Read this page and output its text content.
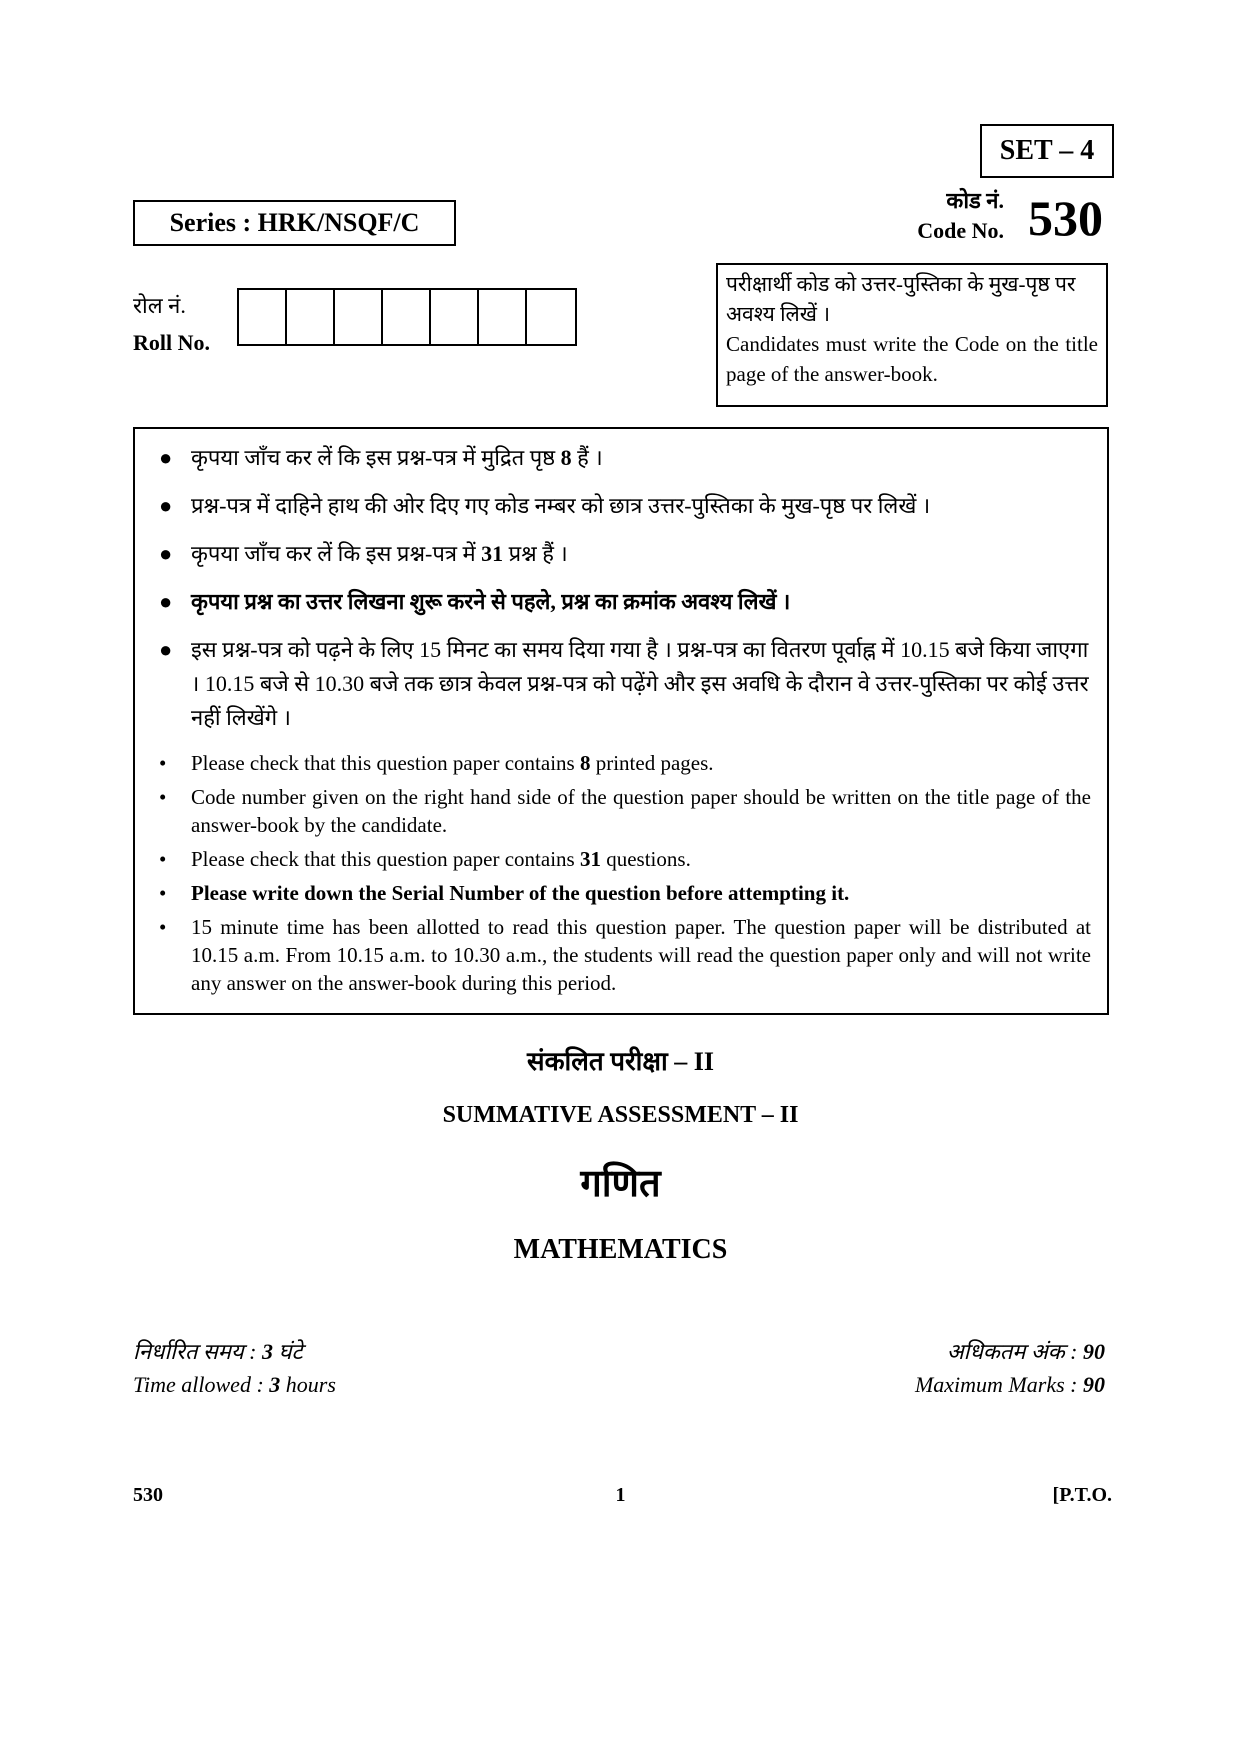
SET – 4
कोड नं.
Code No. 530
Series : HRK/NSQF/C
रोल नं.
Roll No.
परीक्षार्थी कोड को उत्तर-पुस्तिका के मुख-पृष्ठ पर अवश्य लिखें ।
Candidates must write the Code on the title page of the answer-book.
● कृपया जाँच कर लें कि इस प्रश्न-पत्र में मुद्रित पृष्ठ 8 हैं ।
● प्रश्न-पत्र में दाहिने हाथ की ओर दिए गए कोड नम्बर को छात्र उत्तर-पुस्तिका के मुख-पृष्ठ पर लिखें ।
● कृपया जाँच कर लें कि इस प्रश्न-पत्र में 31 प्रश्न हैं ।
● कृपया प्रश्न का उत्तर लिखना शुरू करने से पहले, प्रश्न का क्रमांक अवश्य लिखें ।
● इस प्रश्न-पत्र को पढ़ने के लिए 15 मिनट का समय दिया गया है । प्रश्न-पत्र का वितरण पूर्वाह्न में 10.15 बजे किया जाएगा । 10.15 बजे से 10.30 बजे तक छात्र केवल प्रश्न-पत्र को पढ़ेंगे और इस अवधि के दौरान वे उत्तर-पुस्तिका पर कोई उत्तर नहीं लिखेंगे ।
• Please check that this question paper contains 8 printed pages.
• Code number given on the right hand side of the question paper should be written on the title page of the answer-book by the candidate.
• Please check that this question paper contains 31 questions.
• Please write down the Serial Number of the question before attempting it.
• 15 minute time has been allotted to read this question paper. The question paper will be distributed at 10.15 a.m. From 10.15 a.m. to 10.30 a.m., the students will read the question paper only and will not write any answer on the answer-book during this period.
संकलित परीक्षा – II
SUMMATIVE ASSESSMENT – II
गणित
MATHEMATICS
निर्धारित समय : 3 घंटे
Time allowed : 3 hours
अधिकतम अंक : 90
Maximum Marks : 90
530	1	[P.T.O.
